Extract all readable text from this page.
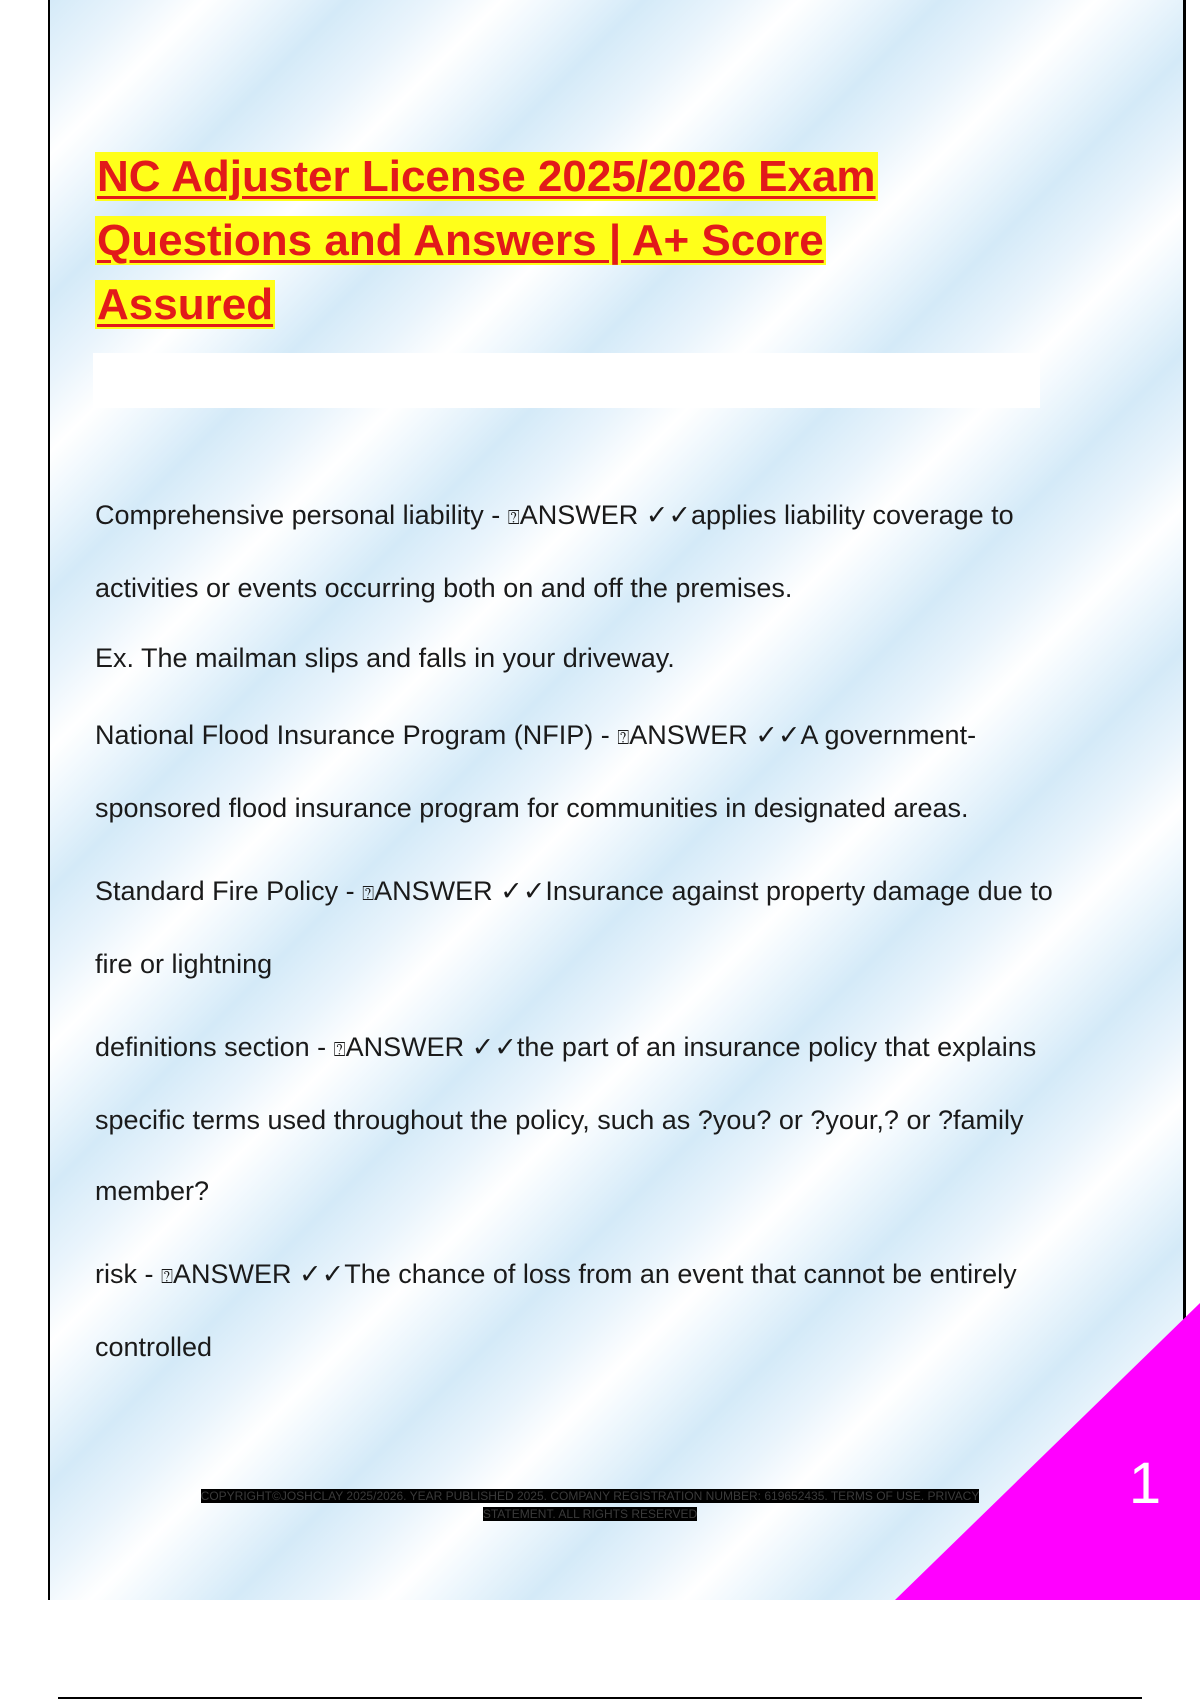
NC Adjuster License 2025/2026 Exam Questions and Answers | A+ Score Assured

Comprehensive personal liability - ⍰ANSWER ✓✓applies liability coverage to activities or events occurring both on and off the premises.

Ex. The mailman slips and falls in your driveway.

National Flood Insurance Program (NFIP) - ⍰ANSWER ✓✓A government-sponsored flood insurance program for communities in designated areas.

Standard Fire Policy - ⍰ANSWER ✓✓Insurance against property damage due to fire or lightning

definitions section - ⍰ANSWER ✓✓the part of an insurance policy that explains specific terms used throughout the policy, such as ?you? or ?your,? or ?family member?

risk - ⍰ANSWER ✓✓The chance of loss from an event that cannot be entirely controlled

COPYRIGHT©JOSHCLAY 2025/2026. YEAR PUBLISHED 2025. COMPANY REGISTRATION NUMBER: 619652435. TERMS OF USE. PRIVACY STATEMENT. ALL RIGHTS RESERVED	1
